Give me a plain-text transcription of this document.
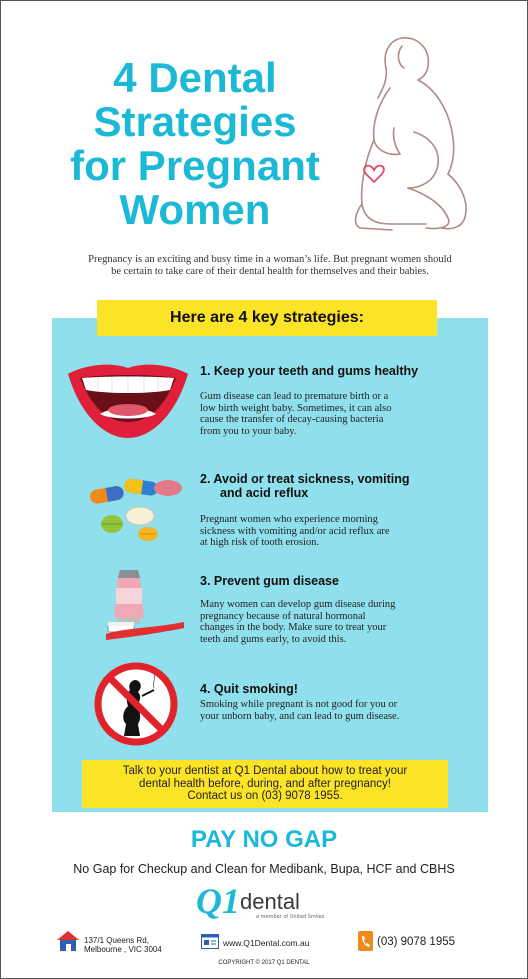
4 Dental
Strategies
for Pregnant
Women
Pregnancy is an exciting and busy time in a woman’s life. But pregnant women should
be certain to take care of their dental health for themselves and their babies.
Here are 4 key strategies:
1. Keep your teeth and gums healthy
Gum disease can lead to premature birth or a
low birth weight baby. Sometimes, it can also
cause the transfer of decay-causing bacteria
from you to your baby.
2. Avoid or treat sickness, vomiting
and acid reflux
Pregnant women who experience morning
sickness with vomiting and/or acid reflux are
at high risk of tooth erosion.
3. Prevent gum disease
Many women can develop gum disease during
pregnancy because of natural hormonal
changes in the body. Make sure to treat your
teeth and gums early, to avoid this.
4. Quit smoking!
Smoking while pregnant is not good for you or
your unborn baby, and can lead to gum disease.
Talk to your dentist at Q1 Dental about how to treat your
dental health before, during, and after pregnancy!
Contact us on (03) 9078 1955.
PAY NO GAP
No Gap for Checkup and Clean for Medibank, Bupa, HCF and CBHS
Q1 dental
a member of United Smiles
137/1 Queens Rd,
Melbourne , VIC 3004
www.Q1Dental.com.au	(03) 9078 1955
COPYRIGHT © 2017 Q1 DENTAL
